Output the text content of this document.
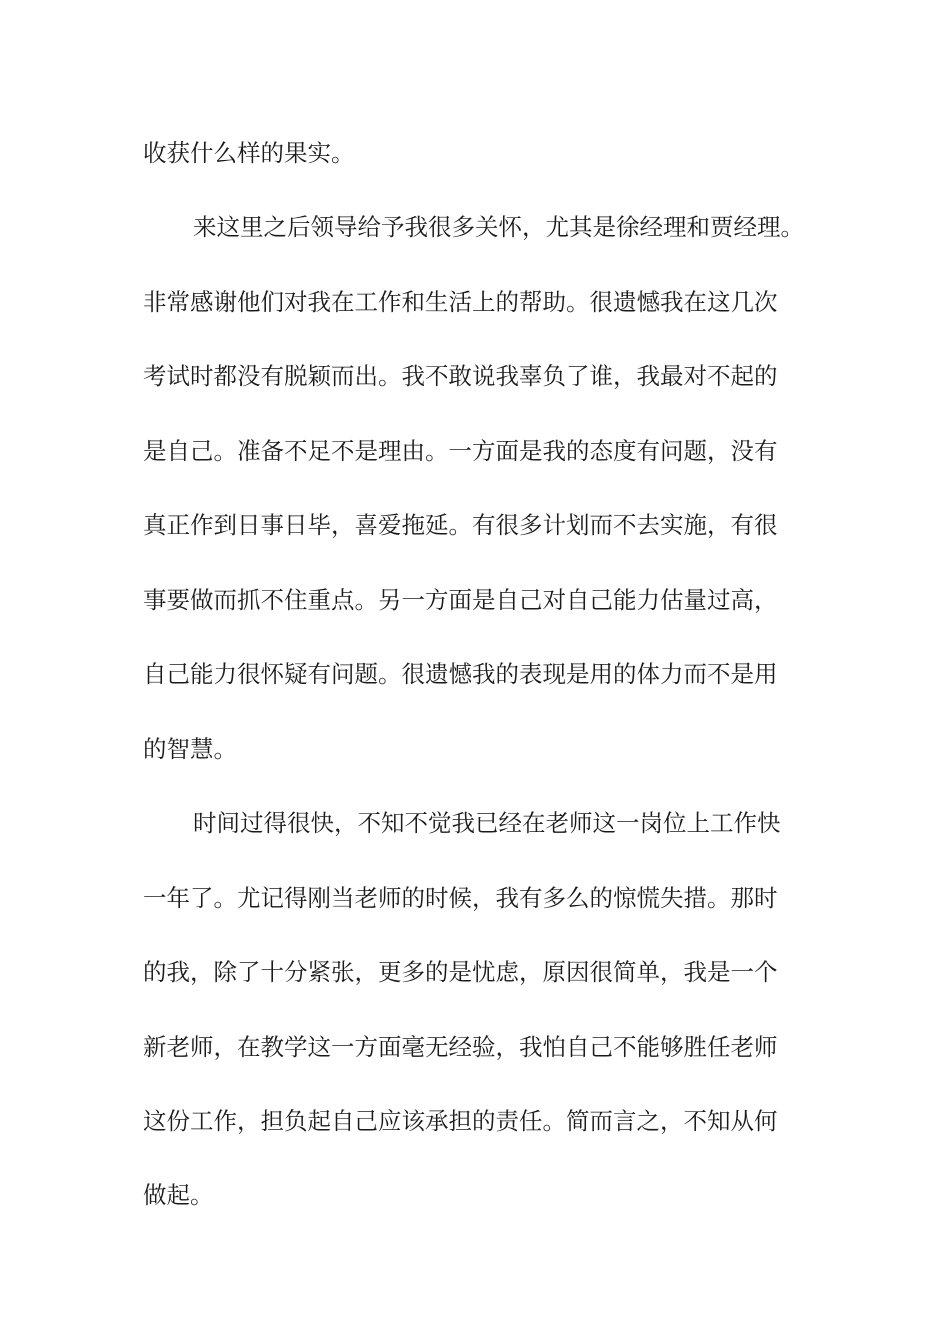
收获什么样的果实。
来这里之后领导给予我很多关怀，尤其是徐经理和贾经理。
非常感谢他们对我在工作和生活上的帮助。很遗憾我在这几次
考试时都没有脱颖而出。我不敢说我辜负了谁，我最对不起的
是自己。准备不足不是理由。一方面是我的态度有问题，没有
真正作到日事日毕，喜爱拖延。有很多计划而不去实施，有很
事要做而抓不住重点。另一方面是自己对自己能力估量过高，
自己能力很怀疑有问题。很遗憾我的表现是用的体力而不是用
的智慧。
时间过得很快，不知不觉我已经在老师这一岗位上工作快
一年了。尤记得刚当老师的时候，我有多么的惊慌失措。那时
的我，除了十分紧张，更多的是忧虑，原因很简单，我是一个
新老师，在教学这一方面毫无经验，我怕自己不能够胜任老师
这份工作，担负起自己应该承担的责任。简而言之，不知从何
做起。
